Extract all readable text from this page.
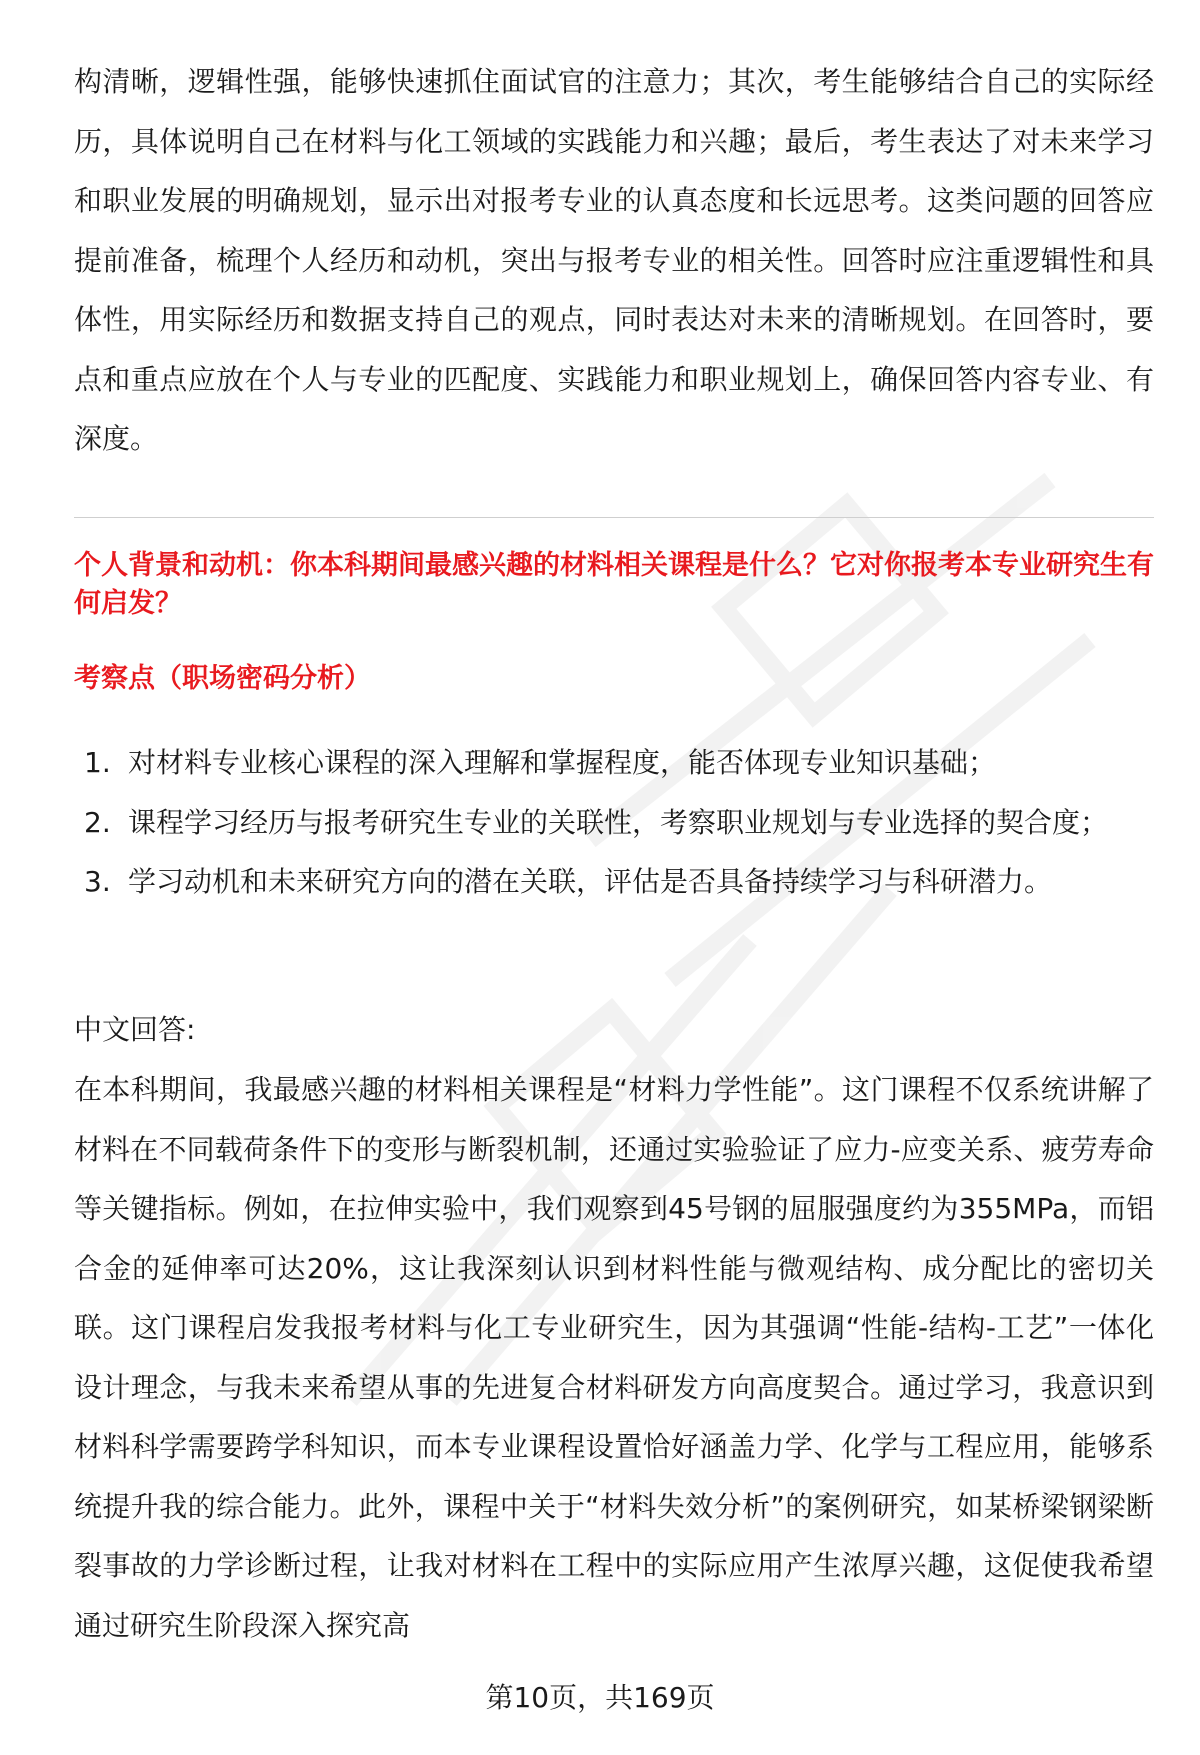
构清晰，逻辑性强，能够快速抓住面试官的注意力；其次，考生能够结合自己的实际经历，具体说明自己在材料与化工领域的实践能力和兴趣；最后，考生表达了对未来学习和职业发展的明确规划，显示出对报考专业的认真态度和长远思考。这类问题的回答应提前准备，梳理个人经历和动机，突出与报考专业的相关性。回答时应注重逻辑性和具体性，用实际经历和数据支持自己的观点，同时表达对未来的清晰规划。在回答时，要点和重点应放在个人与专业的匹配度、实践能力和职业规划上，确保回答内容专业、有深度。

个人背景和动机：你本科期间最感兴趣的材料相关课程是什么？它对你报考本专业研究生有何启发？

考察点（职场密码分析）

1. 对材料专业核心课程的深入理解和掌握程度，能否体现专业知识基础；
2. 课程学习经历与报考研究生专业的关联性，考察职业规划与专业选择的契合度；
3. 学习动机和未来研究方向的潜在关联，评估是否具备持续学习与科研潜力。

中文回答:

在本科期间，我最感兴趣的材料相关课程是“材料力学性能”。这门课程不仅系统讲解了材料在不同载荷条件下的变形与断裂机制，还通过实验验证了应力-应变关系、疲劳寿命等关键指标。例如，在拉伸实验中，我们观察到45号钢的屈服强度约为355MPa，而铝合金的延伸率可达20%，这让我深刻认识到材料性能与微观结构、成分配比的密切关联。这门课程启发我报考材料与化工专业研究生，因为其强调“性能-结构-工艺”一体化设计理念，与我未来希望从事的先进复合材料研发方向高度契合。通过学习，我意识到材料科学需要跨学科知识，而本专业课程设置恰好涵盖力学、化学与工程应用，能够系统提升我的综合能力。此外，课程中关于“材料失效分析”的案例研究，如某桥梁钢梁断裂事故的力学诊断过程，让我对材料在工程中的实际应用产生浓厚兴趣，这促使我希望通过研究生阶段深入探究高

第10页，共169页
